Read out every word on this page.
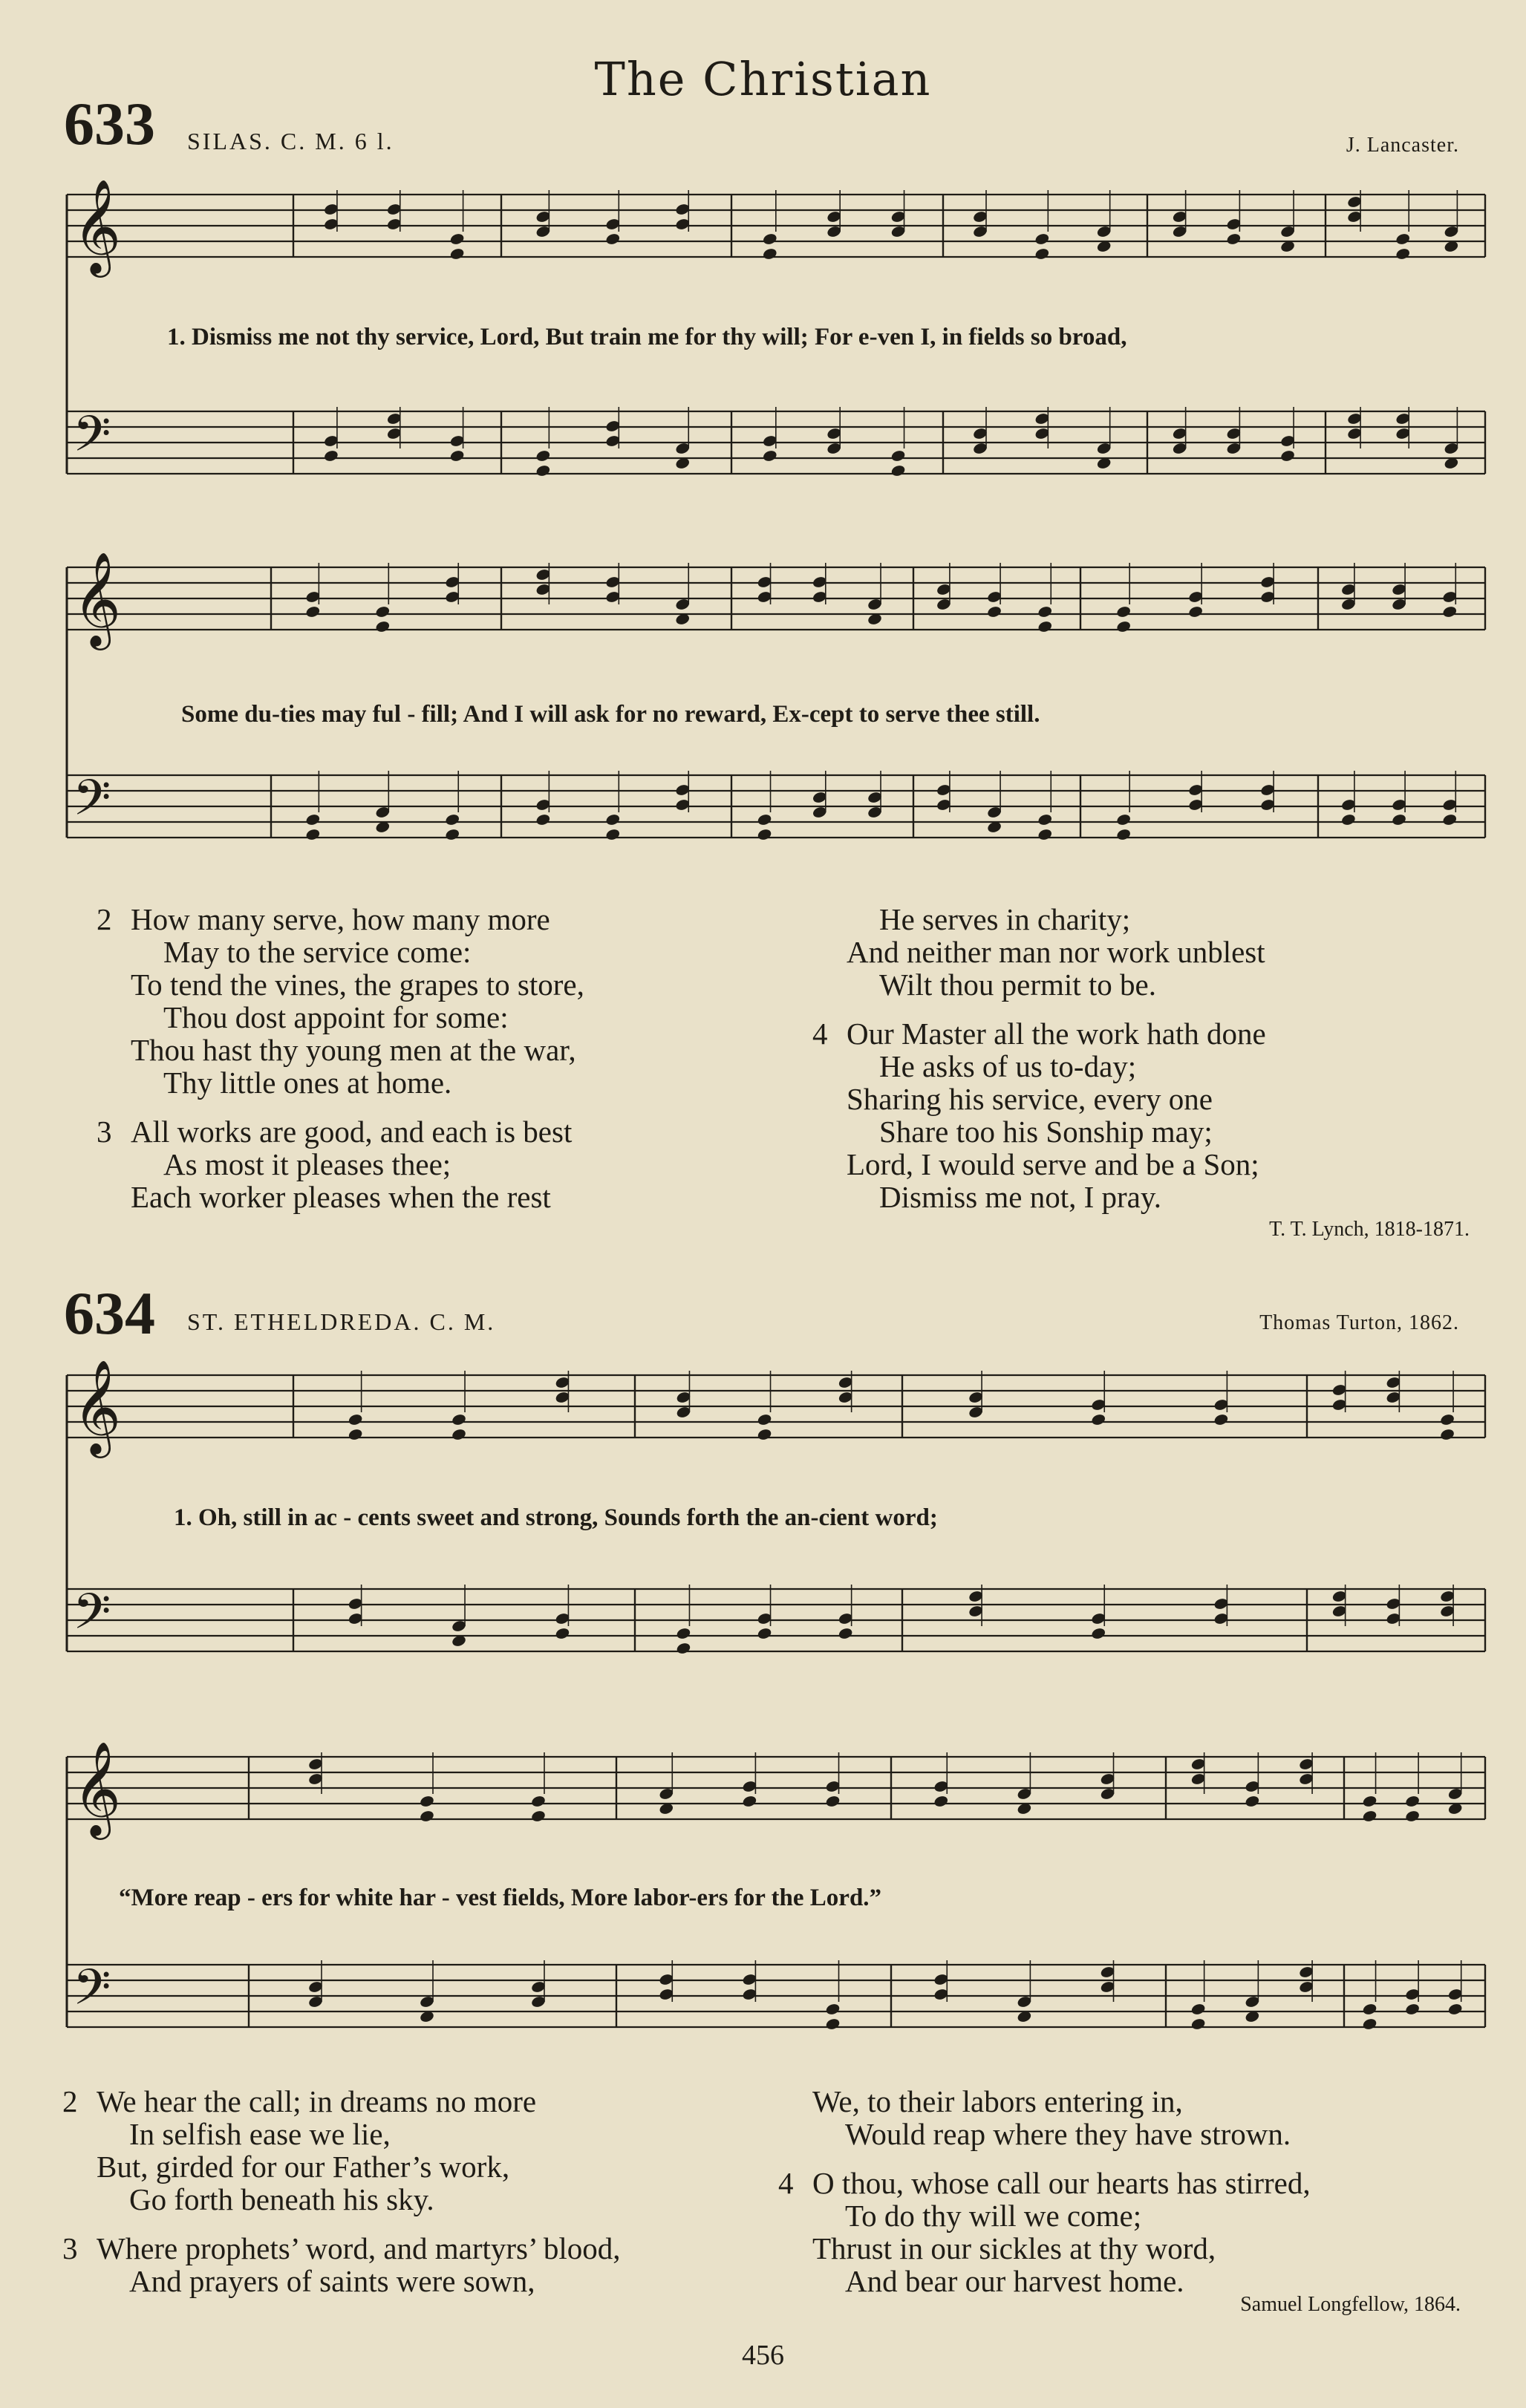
The Christian
633 SILAS. C. M. 6 l.	J. Lancaster.
1. Dismiss me not thy service, Lord, But train me for thy will; For e-ven I, in fields so broad,
Some du-ties may ful - fill; And I will ask for no reward, Ex-cept to serve thee still.
2 How many serve, how many more
May to the service come:
To tend the vines, the grapes to store,
Thou dost appoint for some:
Thou hast thy young men at the war,
Thy little ones at home.
3 All works are good, and each is best
As most it pleases thee;
Each worker pleases when the rest
He serves in charity;
And neither man nor work unblest
Wilt thou permit to be.
4 Our Master all the work hath done
He asks of us to-day;
Sharing his service, every one
Share too his Sonship may;
Lord, I would serve and be a Son;
Dismiss me not, I pray.
T. T. Lynch, 1818-1871.
634 ST. ETHELDREDA. C. M.	Thomas Turton, 1862.
1. Oh, still in ac - cents sweet and strong, Sounds forth the an-cient word;
“More reap - ers for white har - vest fields, More labor-ers for the Lord.”
2 We hear the call; in dreams no more
In selfish ease we lie,
But, girded for our Father’s work,
Go forth beneath his sky.
3 Where prophets’ word, and martyrs’ blood,
And prayers of saints were sown,
We, to their labors entering in,
Would reap where they have strown.
4 O thou, whose call our hearts has stirred,
To do thy will we come;
Thrust in our sickles at thy word,
And bear our harvest home.
Samuel Longfellow, 1864.
456
𝄞
𝄢
𝄞
𝄢
𝄞
𝄢
𝄞
𝄢
